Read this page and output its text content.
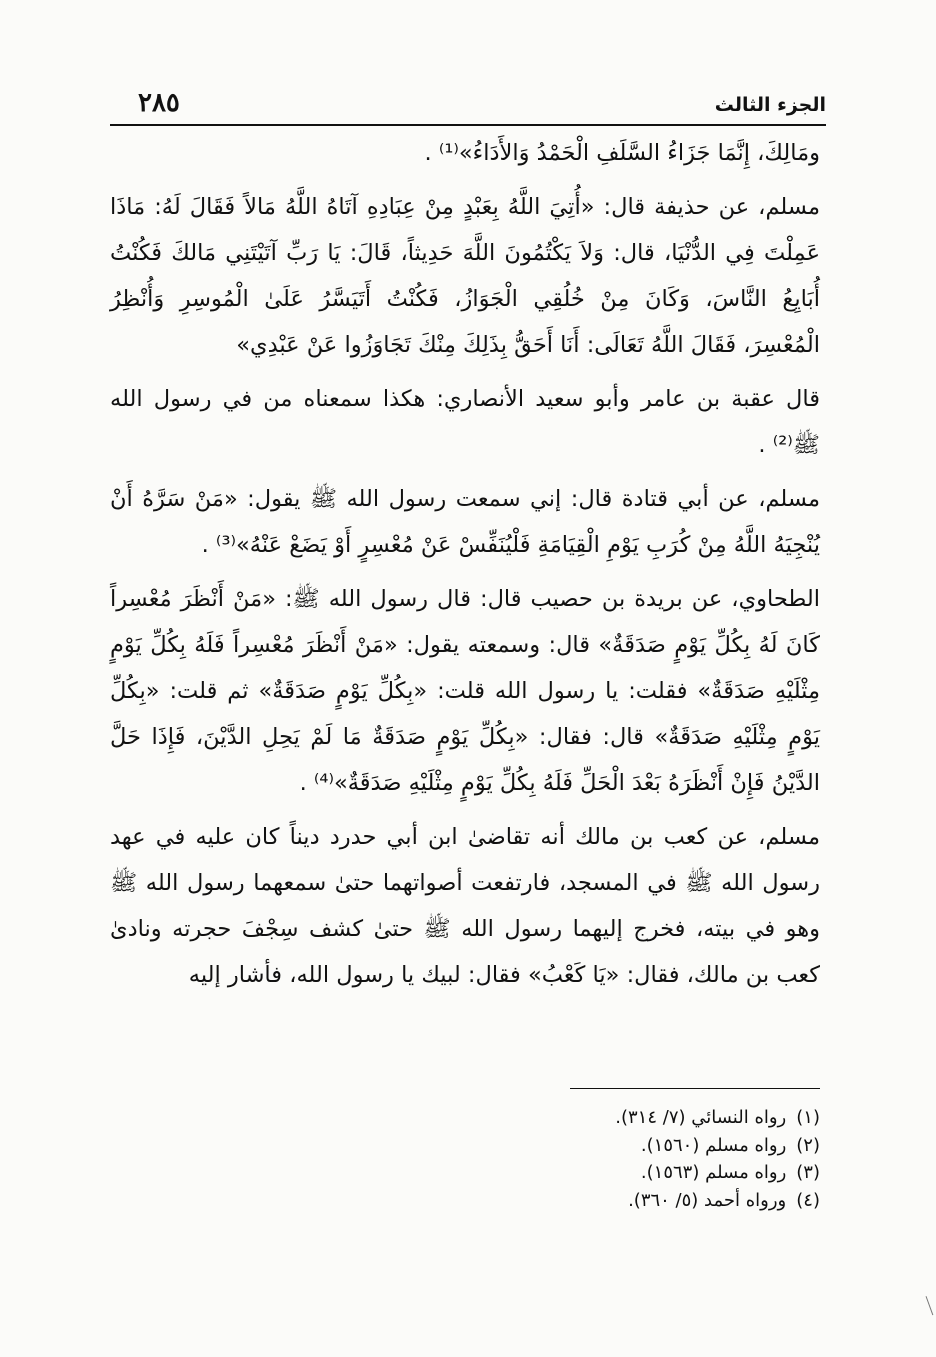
٢٨٥	الجزء الثالث

ومَالِكَ، إِنَّمَا جَزَاءُ السَّلَفِ الْحَمْدُ وَالأَدَاءُ»⁽¹⁾ .

مسلم، عن حذيفة قال: «أُتِيَ اللَّهُ بِعَبْدٍ مِنْ عِبَادِهِ آتَاهُ اللَّهُ مَالاً فَقَالَ لَهُ: مَاذَا عَمِلْتَ فِي الدُّنْيَا، قال: وَلاَ يَكْتُمُونَ اللَّهَ حَدِيثاً، قَالَ: يَا رَبِّ آتَيْتَنِي مَالكَ فَكُنْتُ أُبَايِعُ النَّاسَ، وَكَانَ مِنْ خُلُقِي الْجَوَازُ، فَكُنْتُ أَتَيَسَّرُ عَلَىٰ الْمُوسِرِ وَأُنْظِرُ الْمُعْسِرَ، فَقَالَ اللَّهُ تَعَالَى: أَنَا أَحَقُّ بِذَلِكَ مِنْكَ تَجَاوَزُوا عَنْ عَبْدِي»

قال عقبة بن عامر وأبو سعيد الأنصاري: هكذا سمعناه من في رسول الله ﷺ⁽²⁾ .

مسلم، عن أبي قتادة قال: إني سمعت رسول الله ﷺ يقول: «مَنْ سَرَّهُ أَنْ يُنْجِيَهُ اللَّهُ مِنْ كُرَبِ يَوْمِ الْقِيَامَةِ فَلْيُنَفِّسْ عَنْ مُعْسِرٍ أَوْ يَضَعْ عَنْهُ»⁽³⁾ .

الطحاوي، عن بريدة بن حصيب قال: قال رسول الله ﷺ: «مَنْ أَنْظَرَ مُعْسِراً كَانَ لَهُ بِكُلِّ يَوْمٍ صَدَقَةٌ» قال: وسمعته يقول: «مَنْ أَنْظَرَ مُعْسِراً فَلَهُ بِكُلِّ يَوْمٍ مِثْلَيْهِ صَدَقَةٌ» فقلت: يا رسول الله قلت: «بِكُلِّ يَوْمٍ صَدَقَةٌ» ثم قلت: «بِكُلِّ يَوْمٍ مِثْلَيْهِ صَدَقَةٌ» قال: فقال: «بِكُلِّ يَوْمٍ صَدَقَةٌ مَا لَمْ يَحِلِ الدَّيْنَ، فَإِذَا حَلَّ الدَّيْنُ فَإِنْ أَنْظَرَهُ بَعْدَ الْحَلِّ فَلَهُ بِكُلِّ يَوْمٍ مِثْلَيْهِ صَدَقَةٌ»⁽⁴⁾ .

مسلم، عن كعب بن مالك أنه تقاضىٰ ابن أبي حدرد ديناً كان عليه في عهد رسول الله ﷺ في المسجد، فارتفعت أصواتهما حتىٰ سمعهما رسول الله ﷺ وهو في بيته، فخرج إليهما رسول الله ﷺ حتىٰ كشف سِجْفَ حجرته ونادىٰ كعب بن مالك، فقال: «يَا كَعْبُ» فقال: لبيك يا رسول الله، فأشار إليه

(١)
رواه النسائي (٧/ ٣١٤).
(٢)
رواه مسلم (١٥٦٠).
(٣)
رواه مسلم (١٥٦٣).
(٤)
ورواه أحمد (٥/ ٣٦٠).
